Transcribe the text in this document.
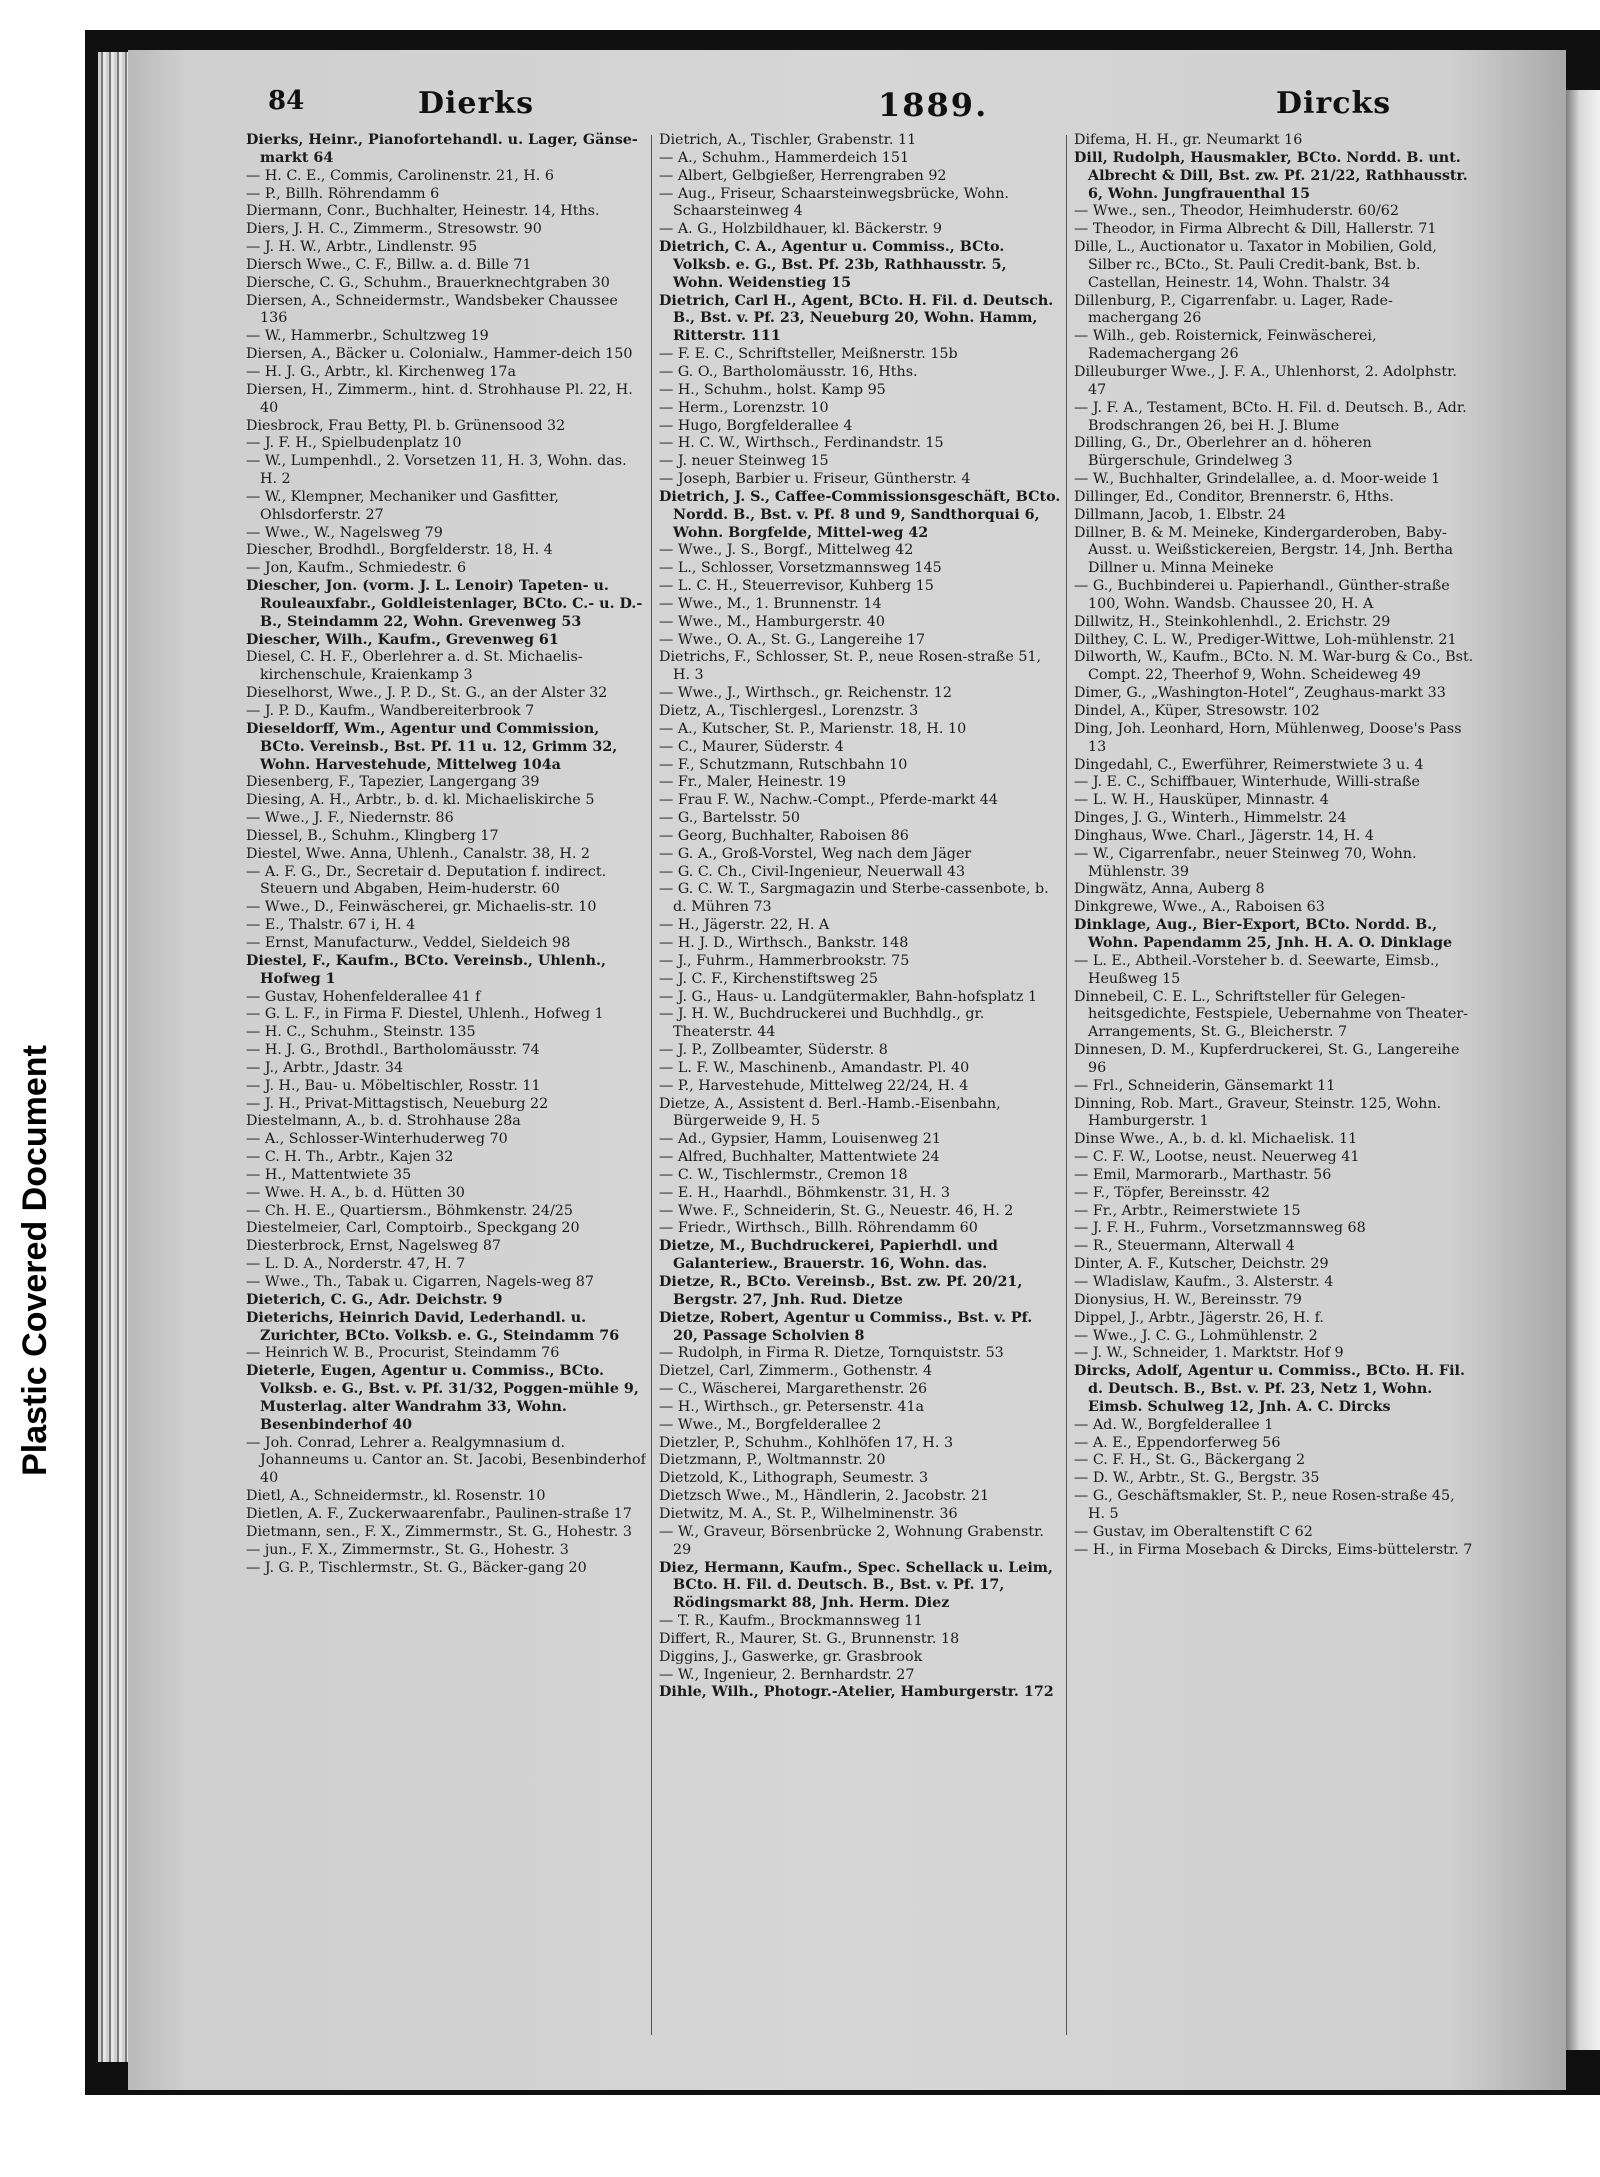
Plastic Covered Document
84	Dierks	1889.	Dircks
Dierks, Heinr., Pianofortehandl. u. Lager, Gänse-markt 64
— H. C. E., Commis, Carolinenstr. 21, H. 6
— P., Billh. Röhrendamm 6
Diermann, Conr., Buchhalter, Heinestr. 14, Hths.
Diers, J. H. C., Zimmerm., Stresowstr. 90
— J. H. W., Arbtr., Lindlenstr. 95
Diersch Wwe., C. F., Billw. a. d. Bille 71
Diersche, C. G., Schuhm., Brauerknechtgraben 30
Diersen, A., Schneidermstr., Wandsbeker Chaussee 136
— W., Hammerbr., Schultzweg 19
Diersen, A., Bäcker u. Colonialw., Hammer-deich 150
— H. J. G., Arbtr., kl. Kirchenweg 17a
Diersen, H., Zimmerm., hint. d. Strohhause Pl. 22, H. 40
Diesbrock, Frau Betty, Pl. b. Grünensood 32
— J. F. H., Spielbudenplatz 10
— W., Lumpenhdl., 2. Vorsetzen 11, H. 3, Wohn. das. H. 2
— W., Klempner, Mechaniker und Gasfitter, Ohlsdorferstr. 27
— Wwe., W., Nagelsweg 79
Diescher, Brodhdl., Borgfelderstr. 18, H. 4
— Jon, Kaufm., Schmiedestr. 6
Diescher, Jon. (vorm. J. L. Lenoir) Tapeten- u. Rouleauxfabr., Goldleistenlager, BCto. C.- u. D.-B., Steindamm 22, Wohn. Grevenweg 53
Diescher, Wilh., Kaufm., Grevenweg 61
Diesel, C. H. F., Oberlehrer a. d. St. Michaelis-kirchenschule, Kraienkamp 3
Dieselhorst, Wwe., J. P. D., St. G., an der Alster 32
— J. P. D., Kaufm., Wandbereiterbrook 7
Dieseldorff, Wm., Agentur und Commission, BCto. Vereinsb., Bst. Pf. 11 u. 12, Grimm 32, Wohn. Harvestehude, Mittelweg 104a
Diesenberg, F., Tapezier, Langergang 39
Diesing, A. H., Arbtr., b. d. kl. Michaeliskirche 5
— Wwe., J. F., Niedernstr. 86
Diessel, B., Schuhm., Klingberg 17
Diestel, Wwe. Anna, Uhlenh., Canalstr. 38, H. 2
— A. F. G., Dr., Secretair d. Deputation f. indirect. Steuern und Abgaben, Heim-huderstr. 60
— Wwe., D., Feinwäscherei, gr. Michaelis-str. 10
— E., Thalstr. 67 i, H. 4
— Ernst, Manufacturw., Veddel, Sieldeich 98
Diestel, F., Kaufm., BCto. Vereinsb., Uhlenh., Hofweg 1
— Gustav, Hohenfelderallee 41 f
— G. L. F., in Firma F. Diestel, Uhlenh., Hofweg 1
— H. C., Schuhm., Steinstr. 135
— H. J. G., Brothdl., Bartholomäusstr. 74
— J., Arbtr., Jdastr. 34
— J. H., Bau- u. Möbeltischler, Rosstr. 11
— J. H., Privat-Mittagstisch, Neueburg 22
Diestelmann, A., b. d. Strohhause 28a
— A., Schlosser-Winterhuderweg 70
— C. H. Th., Arbtr., Kajen 32
— H., Mattentwiete 35
— Wwe. H. A., b. d. Hütten 30
— Ch. H. E., Quartiersm., Böhmkenstr. 24/25
Diestelmeier, Carl, Comptoirb., Speckgang 20
Diesterbrock, Ernst, Nagelsweg 87
— L. D. A., Norderstr. 47, H. 7
— Wwe., Th., Tabak u. Cigarren, Nagels-weg 87
Dieterich, C. G., Adr. Deichstr. 9
Dieterichs, Heinrich David, Lederhandl. u. Zurichter, BCto. Volksb. e. G., Steindamm 76
— Heinrich W. B., Procurist, Steindamm 76
Dieterle, Eugen, Agentur u. Commiss., BCto. Volksb. e. G., Bst. v. Pf. 31/32, Poggen-mühle 9, Musterlag. alter Wandrahm 33, Wohn. Besenbinderhof 40
— Joh. Conrad, Lehrer a. Realgymnasium d. Johanneums u. Cantor an. St. Jacobi, Besenbinderhof 40
Dietl, A., Schneidermstr., kl. Rosenstr. 10
Dietlen, A. F., Zuckerwaarenfabr., Paulinen-straße 17
Dietmann, sen., F. X., Zimmermstr., St. G., Hohestr. 3
— jun., F. X., Zimmermstr., St. G., Hohestr. 3
— J. G. P., Tischlermstr., St. G., Bäcker-gang 20
Dietrich, A., Tischler, Grabenstr. 11
— A., Schuhm., Hammerdeich 151
— Albert, Gelbgießer, Herrengraben 92
— Aug., Friseur, Schaarsteinwegsbrücke, Wohn. Schaarsteinweg 4
— A. G., Holzbildhauer, kl. Bäckerstr. 9
Dietrich, C. A., Agentur u. Commiss., BCto. Volksb. e. G., Bst. Pf. 23b, Rathhausstr. 5, Wohn. Weidenstieg 15
Dietrich, Carl H., Agent, BCto. H. Fil. d. Deutsch. B., Bst. v. Pf. 23, Neueburg 20, Wohn. Hamm, Ritterstr. 111
— F. E. C., Schriftsteller, Meißnerstr. 15b
— G. O., Bartholomäusstr. 16, Hths.
— H., Schuhm., holst. Kamp 95
— Herm., Lorenzstr. 10
— Hugo, Borgfelderallee 4
— H. C. W., Wirthsch., Ferdinandstr. 15
— J. neuer Steinweg 15
— Joseph, Barbier u. Friseur, Güntherstr. 4
Dietrich, J. S., Caffee-Commissionsgeschäft, BCto. Nordd. B., Bst. v. Pf. 8 und 9, Sandthorquai 6, Wohn. Borgfelde, Mittel-weg 42
— Wwe., J. S., Borgf., Mittelweg 42
— L., Schlosser, Vorsetzmannsweg 145
— L. C. H., Steuerrevisor, Kuhberg 15
— Wwe., M., 1. Brunnenstr. 14
— Wwe., M., Hamburgerstr. 40
— Wwe., O. A., St. G., Langereihe 17
Dietrichs, F., Schlosser, St. P., neue Rosen-straße 51, H. 3
— Wwe., J., Wirthsch., gr. Reichenstr. 12
Dietz, A., Tischlergesl., Lorenzstr. 3
— A., Kutscher, St. P., Marienstr. 18, H. 10
— C., Maurer, Süderstr. 4
— F., Schutzmann, Rutschbahn 10
— Fr., Maler, Heinestr. 19
— Frau F. W., Nachw.-Compt., Pferde-markt 44
— G., Bartelsstr. 50
— Georg, Buchhalter, Raboisen 86
— G. A., Groß-Vorstel, Weg nach dem Jäger
— G. C. Ch., Civil-Ingenieur, Neuerwall 43
— G. C. W. T., Sargmagazin und Sterbe-cassenbote, b. d. Mühren 73
— H., Jägerstr. 22, H. A
— H. J. D., Wirthsch., Bankstr. 148
— J., Fuhrm., Hammerbrookstr. 75
— J. C. F., Kirchenstiftsweg 25
— J. G., Haus- u. Landgütermakler, Bahn-hofsplatz 1
— J. H. W., Buchdruckerei und Buchhdlg., gr. Theaterstr. 44
— J. P., Zollbeamter, Süderstr. 8
— L. F. W., Maschinenb., Amandastr. Pl. 40
— P., Harvestehude, Mittelweg 22/24, H. 4
Dietze, A., Assistent d. Berl.-Hamb.-Eisenbahn, Bürgerweide 9, H. 5
— Ad., Gypsier, Hamm, Louisenweg 21
— Alfred, Buchhalter, Mattentwiete 24
— C. W., Tischlermstr., Cremon 18
— E. H., Haarhdl., Böhmkenstr. 31, H. 3
— Wwe. F., Schneiderin, St. G., Neuestr. 46, H. 2
— Friedr., Wirthsch., Billh. Röhrendamm 60
Dietze, M., Buchdruckerei, Papierhdl. und Galanteriew., Brauerstr. 16, Wohn. das.
Dietze, R., BCto. Vereinsb., Bst. zw. Pf. 20/21, Bergstr. 27, Jnh. Rud. Dietze
Dietze, Robert, Agentur u Commiss., Bst. v. Pf. 20, Passage Scholvien 8
— Rudolph, in Firma R. Dietze, Tornquiststr. 53
Dietzel, Carl, Zimmerm., Gothenstr. 4
— C., Wäscherei, Margarethenstr. 26
— H., Wirthsch., gr. Petersenstr. 41a
— Wwe., M., Borgfelderallee 2
Dietzler, P., Schuhm., Kohlhöfen 17, H. 3
Dietzmann, P., Woltmannstr. 20
Dietzold, K., Lithograph, Seumestr. 3
Dietzsch Wwe., M., Händlerin, 2. Jacobstr. 21
Dietwitz, M. A., St. P., Wilhelminenstr. 36
— W., Graveur, Börsenbrücke 2, Wohnung Grabenstr. 29
Diez, Hermann, Kaufm., Spec. Schellack u. Leim, BCto. H. Fil. d. Deutsch. B., Bst. v. Pf. 17, Rödingsmarkt 88, Jnh. Herm. Diez
— T. R., Kaufm., Brockmannsweg 11
Differt, R., Maurer, St. G., Brunnenstr. 18
Diggins, J., Gaswerke, gr. Grasbrook
— W., Ingenieur, 2. Bernhardstr. 27
Dihle, Wilh., Photogr.-Atelier, Hamburgerstr. 172
Difema, H. H., gr. Neumarkt 16
Dill, Rudolph, Hausmakler, BCto. Nordd. B. unt. Albrecht & Dill, Bst. zw. Pf. 21/22, Rathhausstr. 6, Wohn. Jungfrauenthal 15
— Wwe., sen., Theodor, Heimhuderstr. 60/62
— Theodor, in Firma Albrecht & Dill, Hallerstr. 71
Dille, L., Auctionator u. Taxator in Mobilien, Gold, Silber rc., BCto., St. Pauli Credit-bank, Bst. b. Castellan, Heinestr. 14, Wohn. Thalstr. 34
Dillenburg, P., Cigarrenfabr. u. Lager, Rade-machergang 26
— Wilh., geb. Roisternick, Feinwäscherei, Rademachergang 26
Dilleuburger Wwe., J. F. A., Uhlenhorst, 2. Adolphstr. 47
— J. F. A., Testament, BCto. H. Fil. d. Deutsch. B., Adr. Brodschrangen 26, bei H. J. Blume
Dilling, G., Dr., Oberlehrer an d. höheren Bürgerschule, Grindelweg 3
— W., Buchhalter, Grindelallee, a. d. Moor-weide 1
Dillinger, Ed., Conditor, Brennerstr. 6, Hths.
Dillmann, Jacob, 1. Elbstr. 24
Dillner, B. & M. Meineke, Kindergarderoben, Baby-Ausst. u. Weißstickereien, Bergstr. 14, Jnh. Bertha Dillner u. Minna Meineke
— G., Buchbinderei u. Papierhandl., Günther-straße 100, Wohn. Wandsb. Chaussee 20, H. A
Dillwitz, H., Steinkohlenhdl., 2. Erichstr. 29
Dilthey, C. L. W., Prediger-Wittwe, Loh-mühlenstr. 21
Dilworth, W., Kaufm., BCto. N. M. War-burg & Co., Bst. Compt. 22, Theerhof 9, Wohn. Scheideweg 49
Dimer, G., „Washington-Hotel“, Zeughaus-markt 33
Dindel, A., Küper, Stresowstr. 102
Ding, Joh. Leonhard, Horn, Mühlenweg, Doose's Pass 13
Dingedahl, C., Ewerführer, Reimerstwiete 3 u. 4
— J. E. C., Schiffbauer, Winterhude, Willi-straße
— L. W. H., Hausküper, Minnastr. 4
Dinges, J. G., Winterh., Himmelstr. 24
Dinghaus, Wwe. Charl., Jägerstr. 14, H. 4
— W., Cigarrenfabr., neuer Steinweg 70, Wohn. Mühlenstr. 39
Dingwätz, Anna, Auberg 8
Dinkgrewe, Wwe., A., Raboisen 63
Dinklage, Aug., Bier-Export, BCto. Nordd. B., Wohn. Papendamm 25, Jnh. H. A. O. Dinklage
— L. E., Abtheil.-Vorsteher b. d. Seewarte, Eimsb., Heußweg 15
Dinnebeil, C. E. L., Schriftsteller für Gelegen-heitsgedichte, Festspiele, Uebernahme von Theater-Arrangements, St. G., Bleicherstr. 7
Dinnesen, D. M., Kupferdruckerei, St. G., Langereihe 96
— Frl., Schneiderin, Gänsemarkt 11
Dinning, Rob. Mart., Graveur, Steinstr. 125, Wohn. Hamburgerstr. 1
Dinse Wwe., A., b. d. kl. Michaelisk. 11
— C. F. W., Lootse, neust. Neuerweg 41
— Emil, Marmorarb., Marthastr. 56
— F., Töpfer, Bereinsstr. 42
— Fr., Arbtr., Reimerstwiete 15
— J. F. H., Fuhrm., Vorsetzmannsweg 68
— R., Steuermann, Alterwall 4
Dinter, A. F., Kutscher, Deichstr. 29
— Wladislaw, Kaufm., 3. Alsterstr. 4
Dionysius, H. W., Bereinsstr. 79
Dippel, J., Arbtr., Jägerstr. 26, H. f.
— Wwe., J. C. G., Lohmühlenstr. 2
— J. W., Schneider, 1. Marktstr. Hof 9
Dircks, Adolf, Agentur u. Commiss., BCto. H. Fil. d. Deutsch. B., Bst. v. Pf. 23, Netz 1, Wohn. Eimsb. Schulweg 12, Jnh. A. C. Dircks
— Ad. W., Borgfelderallee 1
— A. E., Eppendorferweg 56
— C. F. H., St. G., Bäckergang 2
— D. W., Arbtr., St. G., Bergstr. 35
— G., Geschäftsmakler, St. P., neue Rosen-straße 45, H. 5
— Gustav, im Oberaltenstift C 62
— H., in Firma Mosebach & Dircks, Eims-büttelerstr. 7
